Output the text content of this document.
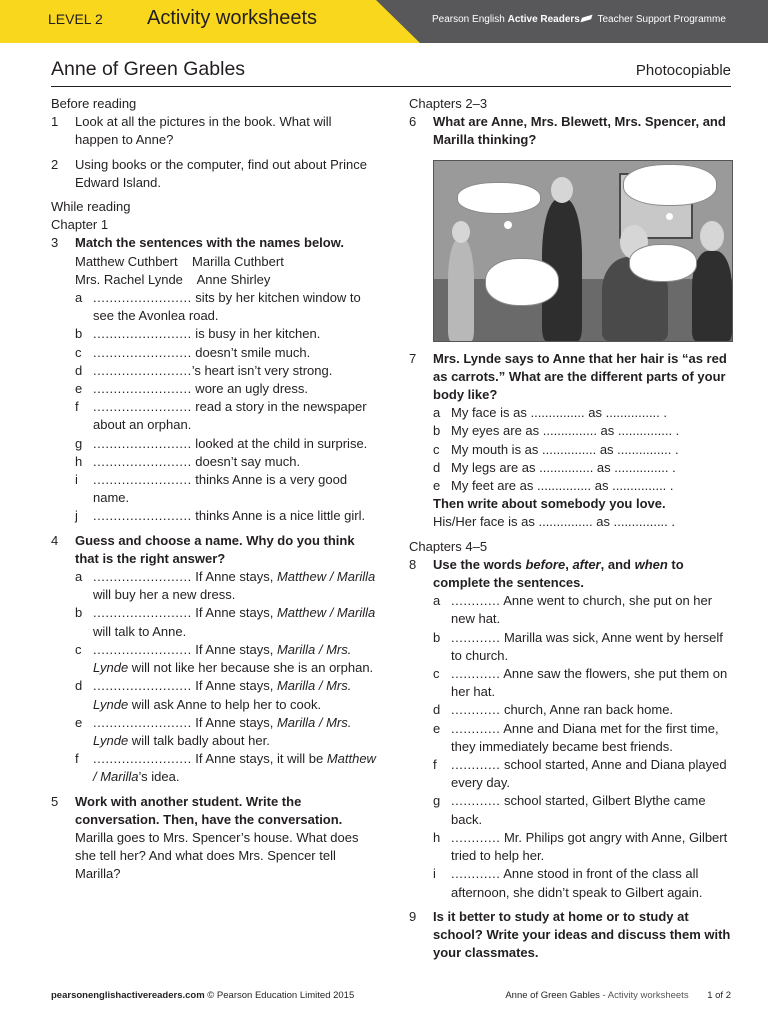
LEVEL 2 Activity worksheets	Pearson English Active Readers Teacher Support Programme
Anne of Green Gables	Photocopiable
Before reading
1 Look at all the pictures in the book. What will happen to Anne?
2 Using books or the computer, find out about Prince Edward Island.
While reading
Chapter 1
3 Match the sentences with the names below.
Matthew Cuthbert    Marilla Cuthbert
Mrs. Rachel Lynde    Anne Shirley
a ........................ sits by her kitchen window to see the Avonlea road.
b ........................ is busy in her kitchen.
c ........................ doesn’t smile much.
d ........................’s heart isn’t very strong.
e ........................ wore an ugly dress.
f ........................ read a story in the newspaper about an orphan.
g ........................ looked at the child in surprise.
h ........................ doesn’t say much.
i ........................ thinks Anne is a very good name.
j ........................ thinks Anne is a nice little girl.
4 Guess and choose a name. Why do you think that is the right answer?
a ........................ If Anne stays, Matthew / Marilla will buy her a new dress.
b ........................ If Anne stays, Matthew / Marilla will talk to Anne.
c ........................ If Anne stays, Marilla / Mrs. Lynde will not like her because she is an orphan.
d ........................ If Anne stays, Marilla / Mrs. Lynde will ask Anne to help her to cook.
e ........................ If Anne stays, Marilla / Mrs. Lynde will talk badly about her.
f ........................ If Anne stays, it will be Matthew / Marilla’s idea.
5 Work with another student. Write the conversation. Then, have the conversation.
Marilla goes to Mrs. Spencer’s house. What does she tell her? And what does Mrs. Spencer tell Marilla?
Chapters 2–3
6 What are Anne, Mrs. Blewett, Mrs. Spencer, and Marilla thinking?
7 Mrs. Lynde says to Anne that her hair is “as red as carrots.” What are the different parts of your body like?
a My face is as ............... as ............... .
b My eyes are as ............... as ............... .
c My mouth is as ............... as ............... .
d My legs are as ............... as ............... .
e My feet are as ............... as ............... .
Then write about somebody you love.
His/Her face is as ............... as ............... .
Chapters 4–5
8 Use the words before, after, and when to complete the sentences.
a ............ Anne went to church, she put on her new hat.
b ............ Marilla was sick, Anne went by herself to church.
c ............ Anne saw the flowers, she put them on her hat.
d ............ church, Anne ran back home.
e ............ Anne and Diana met for the first time, they immediately became best friends.
f ............ school started, Anne and Diana played every day.
g ............ school started, Gilbert Blythe came back.
h ............ Mr. Philips got angry with Anne, Gilbert tried to help her.
i ............ Anne stood in front of the class all afternoon, she didn’t speak to Gilbert again.
9 Is it better to study at home or to study at school? Write your ideas and discuss them with your classmates.
pearsonenglishactivereaders.com © Pearson Education Limited 2015	Anne of Green Gables - Activity worksheets 1 of 2
